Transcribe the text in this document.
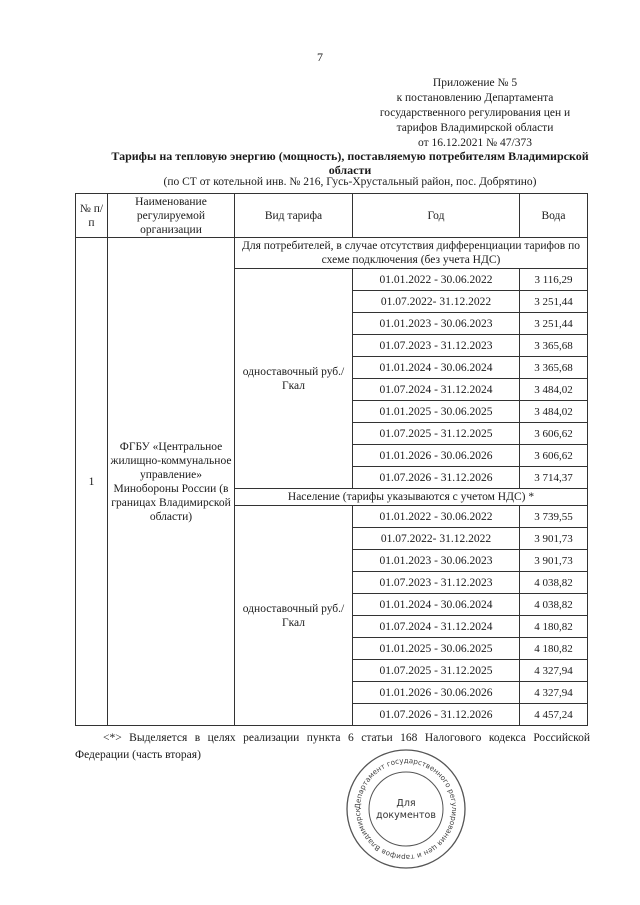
7
Приложение № 5
к постановлению Департамента
государственного регулирования цен и
тарифов Владимирской области
от 16.12.2021 № 47/373
Тарифы на тепловую энергию (мощность), поставляемую потребителям Владимирской области
(по СТ от котельной инв. № 216, Гусь-Хрустальный район, пос. Добрятино)
№ п/п	Наименование регулируемой организации	Вид тарифа	Год	Вода
1	ФГБУ «Центральное жилищно-коммунальное управление» Минобороны России (в границах Владимирской области)	Для потребителей, в случае отсутствия дифференциации тарифов по схеме подключения (без учета НДС)		
		одноставочный руб./Гкал	01.01.2022 - 30.06.2022	3 116,29
			01.07.2022- 31.12.2022	3 251,44
			01.01.2023 - 30.06.2023	3 251,44
			01.07.2023 - 31.12.2023	3 365,68
			01.01.2024 - 30.06.2024	3 365,68
			01.07.2024 - 31.12.2024	3 484,02
			01.01.2025 - 30.06.2025	3 484,02
			01.07.2025 - 31.12.2025	3 606,62
			01.01.2026 - 30.06.2026	3 606,62
			01.07.2026 - 31.12.2026	3 714,37
		Население (тарифы указываются с учетом НДС) *		
		одноставочный руб./Гкал	01.01.2022 - 30.06.2022	3 739,55
			01.07.2022- 31.12.2022	3 901,73
			01.01.2023 - 30.06.2023	3 901,73
			01.07.2023 - 31.12.2023	4 038,82
			01.01.2024 - 30.06.2024	4 038,82
			01.07.2024 - 31.12.2024	4 180,82
			01.01.2025 - 30.06.2025	4 180,82
			01.07.2025 - 31.12.2025	4 327,94
			01.01.2026 - 30.06.2026	4 327,94
			01.07.2026 - 31.12.2026	4 457,24
<*> Выделяется в целях реализации пункта 6 статьи 168 Налогового кодекса Российской Федерации (часть вторая)
Департамент государственного регулирования цен и тарифов Владимирск
Для
документов
